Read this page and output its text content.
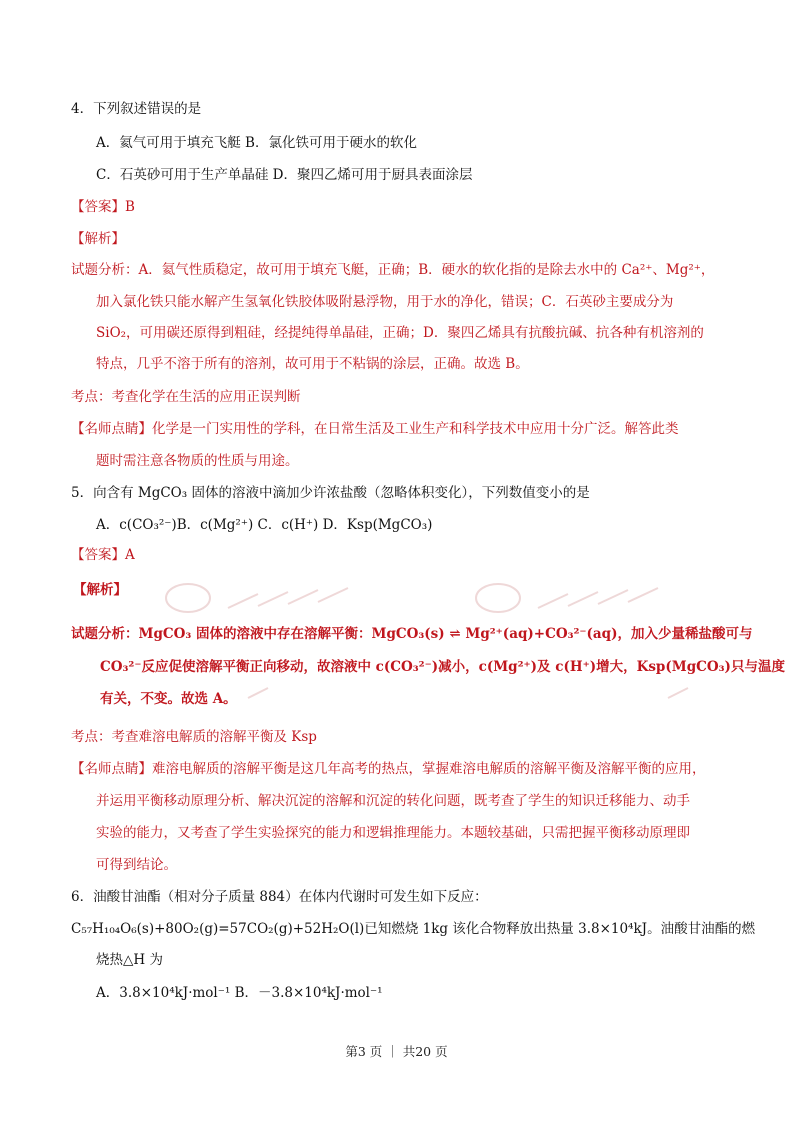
4．下列叙述错误的是
A．氦气可用于填充飞艇 B．氯化铁可用于硬水的软化
C．石英砂可用于生产单晶硅 D．聚四乙烯可用于厨具表面涂层
【答案】B
【解析】
试题分析：A．氦气性质稳定，故可用于填充飞艇，正确；B．硬水的软化指的是除去水中的 Ca²⁺、Mg²⁺，
加入氯化铁只能水解产生氢氧化铁胶体吸附悬浮物，用于水的净化，错误；C．石英砂主要成分为
SiO₂，可用碳还原得到粗硅，经提纯得单晶硅，正确；D．聚四乙烯具有抗酸抗碱、抗各种有机溶剂的
特点，几乎不溶于所有的溶剂，故可用于不粘锅的涂层，正确。故选 B。
考点：考查化学在生活的应用正误判断
【名师点睛】化学是一门实用性的学科，在日常生活及工业生产和科学技术中应用十分广泛。解答此类
题时需注意各物质的性质与用途。
5．向含有 MgCO₃ 固体的溶液中滴加少许浓盐酸（忽略体积变化），下列数值变小的是
A．c(CO₃²⁻)B．c(Mg²⁺) C．c(H⁺) D．Ksp(MgCO₃)
【答案】A
【解析】
试题分析：MgCO₃ 固体的溶液中存在溶解平衡：MgCO₃(s) ⇌ Mg²⁺(aq)+CO₃²⁻(aq)，加入少量稀盐酸可与
CO₃²⁻反应促使溶解平衡正向移动，故溶液中 c(CO₃²⁻)减小，c(Mg²⁺)及 c(H⁺)增大，Ksp(MgCO₃)只与温度
有关，不变。故选 A。
考点：考查难溶电解质的溶解平衡及 Ksp
【名师点睛】难溶电解质的溶解平衡是这几年高考的热点，掌握难溶电解质的溶解平衡及溶解平衡的应用，
并运用平衡移动原理分析、解决沉淀的溶解和沉淀的转化问题，既考查了学生的知识迁移能力、动手
实验的能力，又考查了学生实验探究的能力和逻辑推理能力。本题较基础，只需把握平衡移动原理即
可得到结论。
6．油酸甘油酯（相对分子质量 884）在体内代谢时可发生如下反应：
C₅₇H₁₀₄O₆(s)+80O₂(g)=57CO₂(g)+52H₂O(l)已知燃烧 1kg 该化合物释放出热量 3.8×10⁴kJ。油酸甘油酯的燃
烧热△H 为
A．3.8×10⁴kJ·mol⁻¹ B．－3.8×10⁴kJ·mol⁻¹
第3 页 ｜ 共20 页
